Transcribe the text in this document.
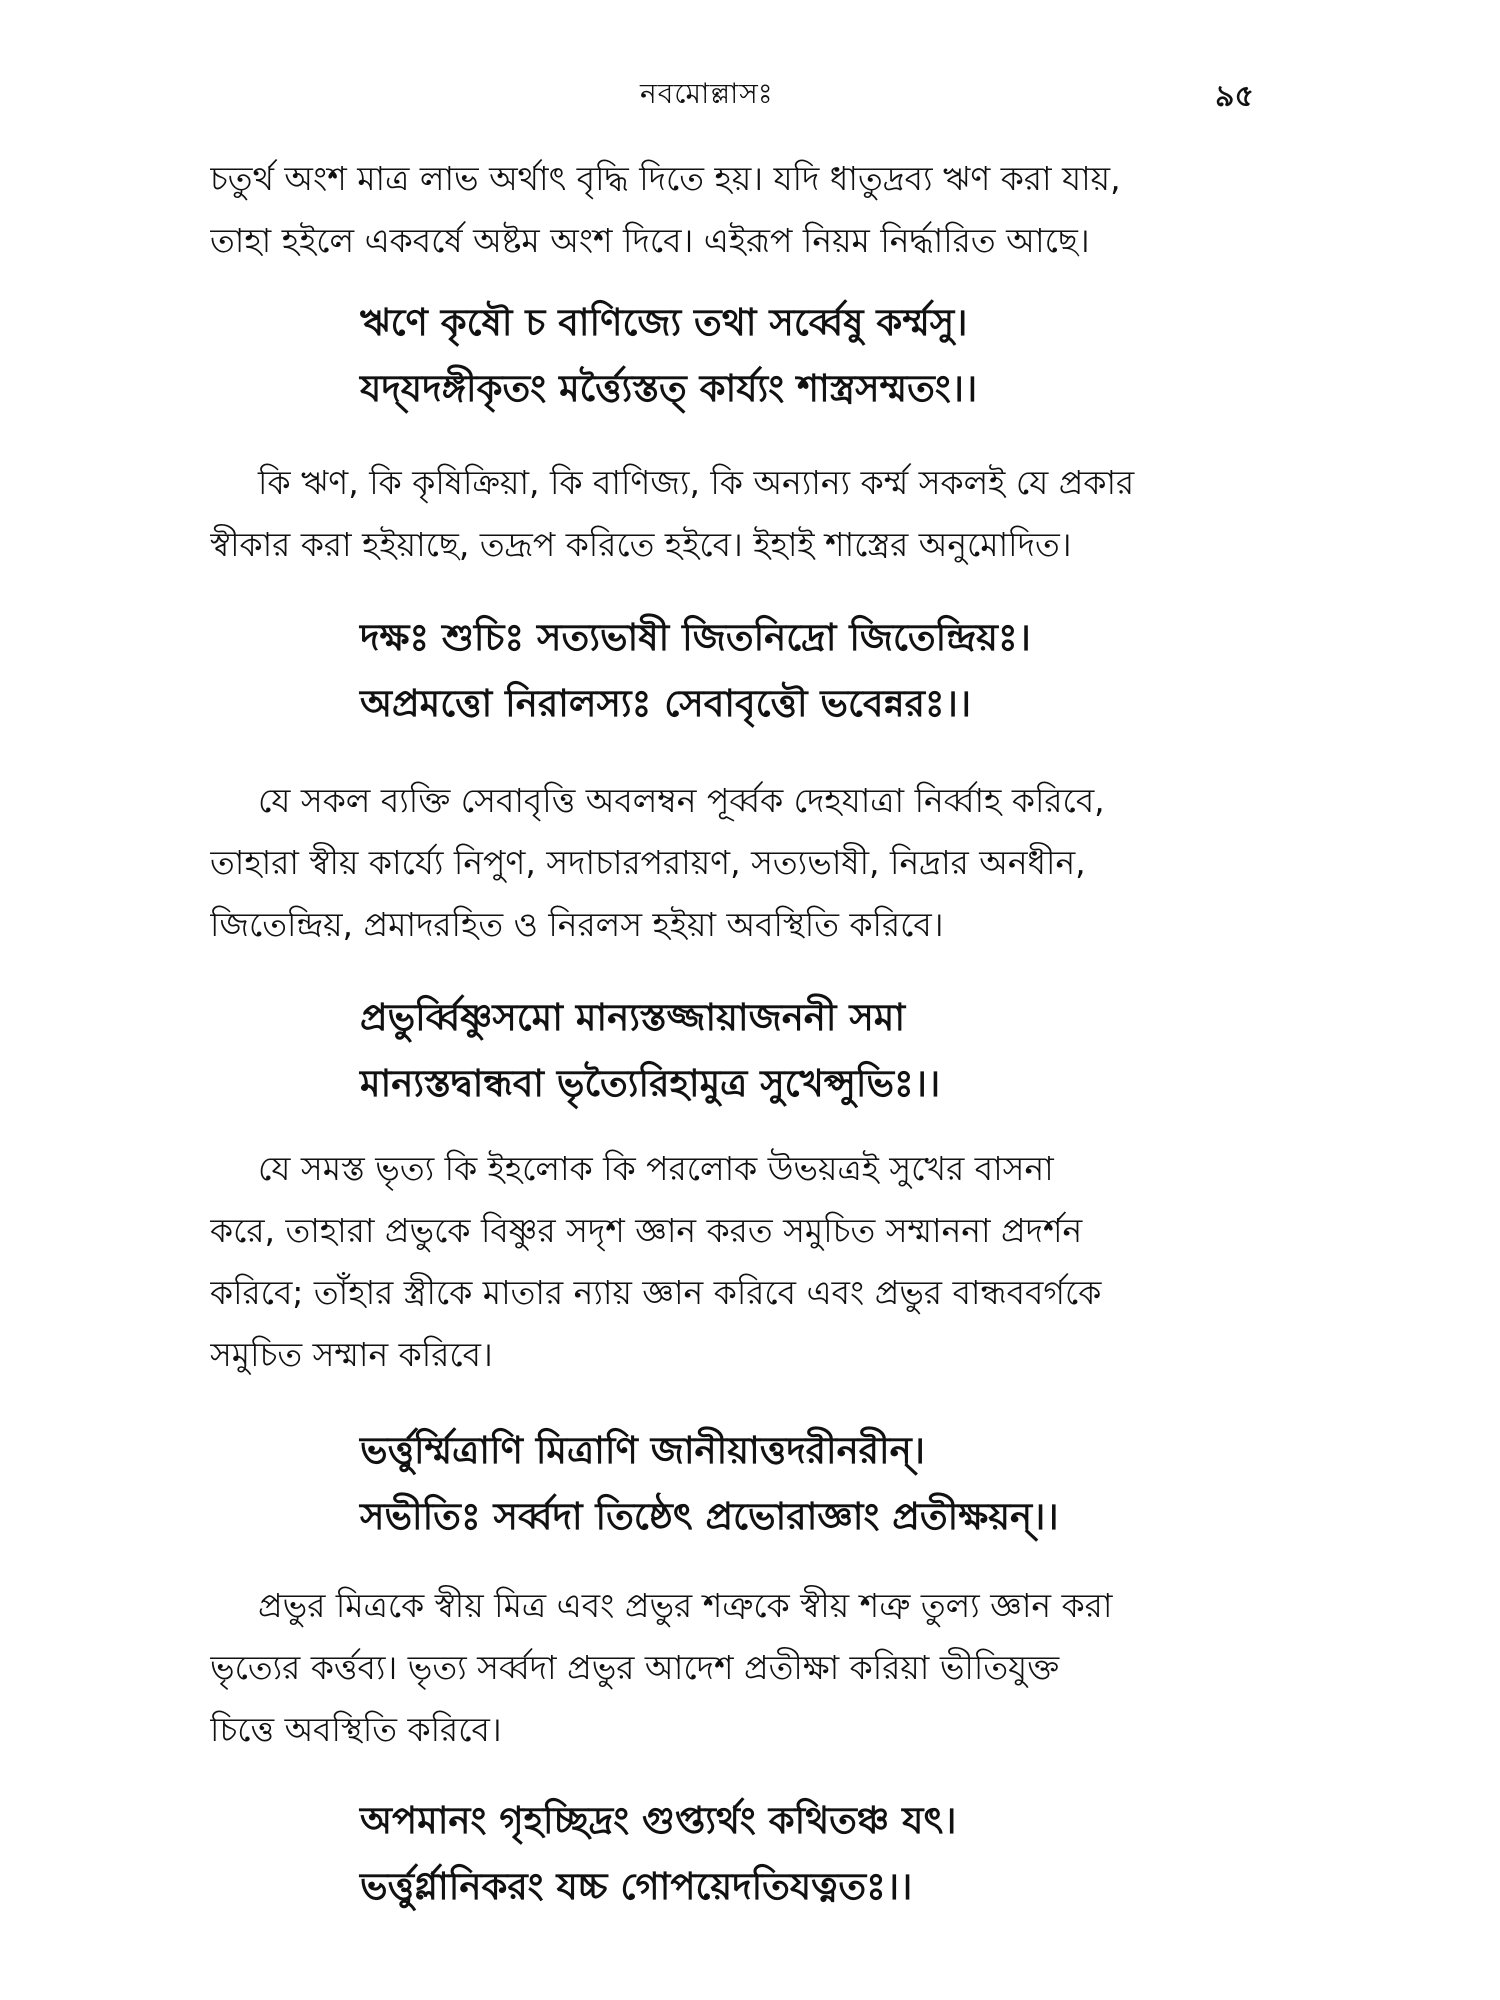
নবমোল্লাসঃ	৯৫
চতুর্থ অংশ মাত্র লাভ অর্থাৎ বৃদ্ধি দিতে হয়। যদি ধাতুদ্রব্য ঋণ করা যায়,
তাহা হইলে একবর্ষে অষ্টম অংশ দিবে। এইরূপ নিয়ম নির্দ্ধারিত আছে।
ঋণে কৃষৌ চ বাণিজ্যে তথা সর্ব্বেষু কর্ম্মসু।
যদ্‌যদঙ্গীকৃতং মর্ত্ত্যৈস্তত্‌ কার্য্যং শাস্ত্রসম্মতং।।
কি ঋণ, কি কৃষিক্রিয়া, কি বাণিজ্য, কি অন্যান্য কর্ম্ম সকলই যে প্রকার
স্বীকার করা হইয়াছে, তদ্রূপ করিতে হইবে। ইহাই শাস্ত্রের অনুমোদিত।
দক্ষঃ শুচিঃ সত্যভাষী জিতনিদ্রো জিতেন্দ্রিয়ঃ।
অপ্রমত্তো নিরালস্যঃ সেবাবৃত্তৌ ভবেন্নরঃ।।
যে সকল ব্যক্তি সেবাবৃত্তি অবলম্বন পূর্ব্বক দেহযাত্রা নির্ব্বাহ করিবে,
তাহারা স্বীয় কার্য্যে নিপুণ, সদাচারপরায়ণ, সত্যভাষী, নিদ্রার অনধীন,
জিতেন্দ্রিয়, প্রমাদরহিত ও নিরলস হইয়া অবস্থিতি করিবে।
প্রভুর্ব্বিষ্ণুসমো মান্যস্তজ্জায়াজননী সমা
মান্যস্তদ্বান্ধবা ভৃত্যৈরিহামুত্র সুখেপ্সুভিঃ।।
যে সমস্ত ভৃত্য কি ইহলোক কি পরলোক উভয়ত্রই সুখের বাসনা
করে, তাহারা প্রভুকে বিষ্ণুর সদৃশ জ্ঞান করত সমুচিত সম্মাননা প্রদর্শন
করিবে; তাঁহার স্ত্রীকে মাতার ন্যায় জ্ঞান করিবে এবং প্রভুর বান্ধববর্গকে
সমুচিত সম্মান করিবে।
ভর্ত্তুর্ম্মিত্রাণি মিত্রাণি জানীয়াত্তদরীনরীন্‌।
সভীতিঃ সর্ব্বদা তিষ্ঠেৎ প্রভোরাজ্ঞাং প্রতীক্ষয়ন্‌।।
প্রভুর মিত্রকে স্বীয় মিত্র এবং প্রভুর শত্রুকে স্বীয় শত্রু তুল্য জ্ঞান করা
ভৃত্যের কর্ত্তব্য। ভৃত্য সর্ব্বদা প্রভুর আদেশ প্রতীক্ষা করিয়া ভীতিযুক্ত
চিত্তে অবস্থিতি করিবে।
অপমানং গৃহচ্ছিদ্রং গুপ্ত্যর্থং কথিতঞ্চ যৎ।
ভর্ত্তুর্গ্লানিকরং যচ্চ গোপয়েদতিযত্নতঃ।।
